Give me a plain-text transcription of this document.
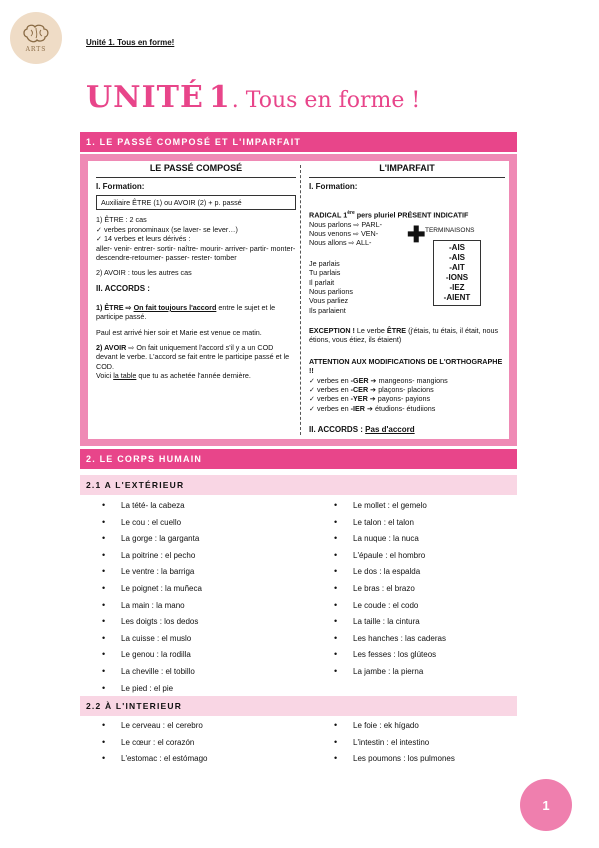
ARTS
Unité 1. Tous en forme!
UNITÉ 1. Tous en forme !
1. LE PASSÉ COMPOSÉ ET L'IMPARFAIT
LE PASSÉ COMPOSÉ
I. Formation:
Auxiliaire ÊTRE (1) ou AVOIR (2) + p. passé
1) ÊTRE : 2 cas
✓ verbes pronominaux (se laver- se lever…)
✓ 14 verbes et leurs dérivés :
aller- venir- entrer- sortir- naître- mourir- arriver- partir- monter- descendre-retourner- passer- rester- tomber
2) AVOIR : tous les autres cas
II. ACCORDS :
1) ÊTRE ⇨ On fait toujours l'accord entre le sujet et le participe passé.
Paul est arrivé hier soir et Marie est venue ce matin.
2) AVOIR ⇨ On fait uniquement l'accord s'il y a un COD devant le verbe. L'accord se fait entre le participe passé et le COD.
Voici la table que tu as achetée l'année dernière.
L'IMPARFAIT
I. Formation:
RADICAL 1ère pers pluriel PRÉSENT INDICATIF
Nous parlons ⇨ PARL-
Nous venons ⇨ VEN-
Nous allons ⇨ ALL-	✚ TERMINAISONS
-AIS
-AIS
-AIT
-IONS
-IEZ
-AIENT
Je parlais
Tu parlais
Il parlait
Nous parlions
Vous parliez
Ils parlaient
EXCEPTION ! Le verbe ÊTRE (j'étais, tu étais, il était, nous étions, vous étiez, ils étaient)
ATTENTION AUX MODIFICATIONS DE L'ORTHOGRAPHE !!
✓ verbes en -GER ➔ mangeons- mangions
✓ verbes en -CER ➔ plaçons- placions
✓ verbes en -YER ➔ payons- payions
✓ verbes en -IER ➔ étudions- étudiions
II. ACCORDS : Pas d'accord
2. LE CORPS HUMAIN
2.1 A L'EXTÉRIEUR
• La tété- la cabeza
• Le cou : el cuello
• La gorge : la garganta
• La poitrine : el pecho
• Le ventre : la barriga
• Le poignet : la muñeca
• La main : la mano
• Les doigts : los dedos
• La cuisse : el muslo
• Le genou : la rodilla
• La cheville : el tobillo
• Le pied : el pie
• Le mollet : el gemelo
• Le talon : el talon
• La nuque : la nuca
• L'épaule : el hombro
• Le dos : la espalda
• Le bras : el brazo
• Le coude : el codo
• La taille : la cintura
• Les hanches : las caderas
• Les fesses : los glúteos
• La jambe : la pierna
2.2 À L'INTERIEUR
• Le cerveau : el cerebro
• Le cœur : el corazón
• L'estomac : el estómago
• Le foie : ek hígado
• L'intestin : el intestino
• Les poumons : los pulmones
1
